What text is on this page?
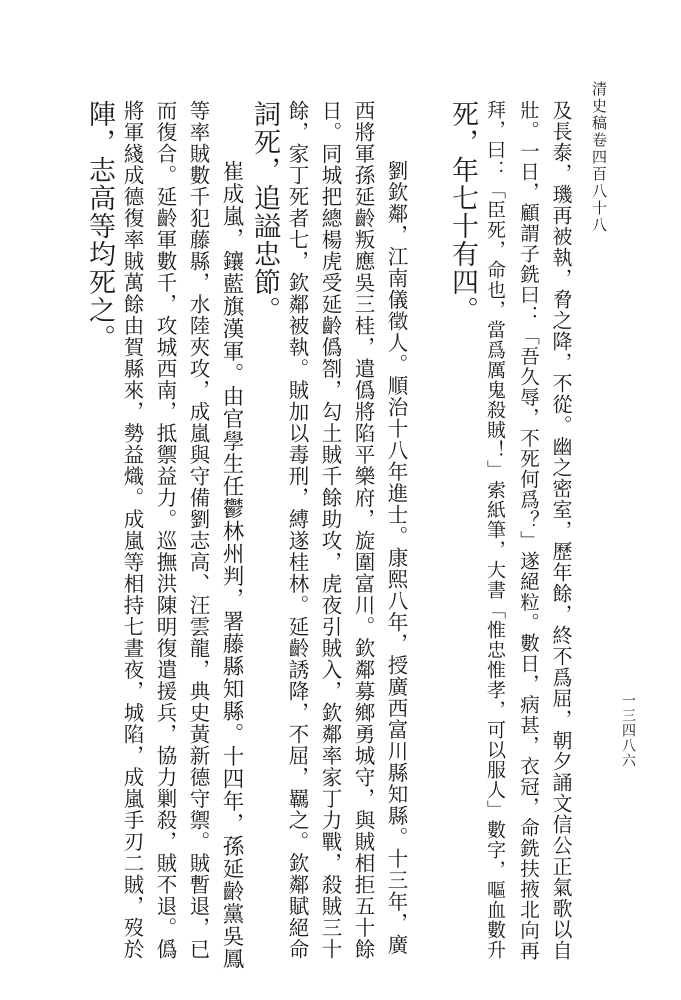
清史稿卷四百八十八
一三四八六
及長泰，璣再被執，脅之降，不從。幽之密室，歷年餘，終不爲屈，朝夕誦文信公正氣歌以自
壯。一日，顧謂子銑曰：「吾久辱，不死何爲？」遂絕粒。數日，病甚，衣冠，命銑扶掖北向再
拜，曰：「臣死，命也，當爲厲鬼殺賊！」索紙筆，大書「惟忠惟孝，可以服人」數字，嘔血數升
死，年七十有四。
劉欽鄰，江南儀徵人。順治十八年進士。康熙八年，授廣西富川縣知縣。十三年，廣
西將軍孫延齡叛應吳三桂，遣僞將陷平樂府，旋圍富川。欽鄰募鄉勇城守，與賊相拒五十餘
日。同城把總楊虎受延齡僞劄，勾土賊千餘助攻，虎夜引賊入，欽鄰率家丁力戰，殺賊三十
餘，家丁死者七，欽鄰被執。賊加以毒刑，縛遂桂林。延齡誘降，不屈，羈之。欽鄰賦絕命
詞死，追謚忠節。
崔成嵐，鑲藍旗漢軍。由官學生任鬱林州判，署藤縣知縣。十四年，孫延齡黨吳鳳
等率賊數千犯藤縣，水陸夾攻，成嵐與守備劉志高、汪雲龍，典史黃新德守禦。賊暫退，已
而復合。延齡軍數千，攻城西南，抵禦益力。巡撫洪陳明復遣援兵，協力剿殺，賊不退。僞
將軍綫成德復率賊萬餘由賀縣來，勢益熾。成嵐等相持七晝夜，城陷，成嵐手刃二賊，歿於
陣，志高等均死之。
